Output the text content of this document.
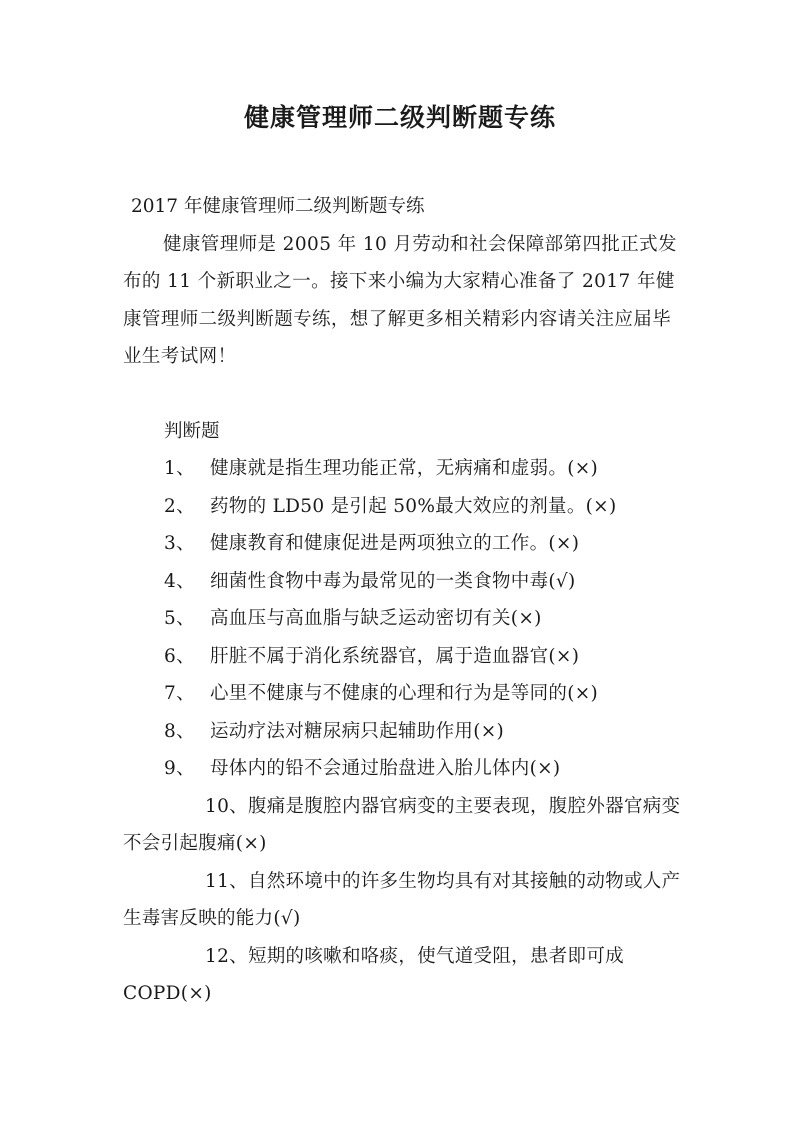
健康管理师二级判断题专练

2017 年健康管理师二级判断题专练

健康管理师是 2005 年 10 月劳动和社会保障部第四批正式发布的 11 个新职业之一。接下来小编为大家精心准备了 2017 年健康管理师二级判断题专练，想了解更多相关精彩内容请关注应届毕业生考试网！

判断题

1、 健康就是指生理功能正常，无病痛和虚弱。(×)

2、 药物的 LD50 是引起 50%最大效应的剂量。(×)

3、 健康教育和健康促进是两项独立的工作。(×)

4、 细菌性食物中毒为最常见的一类食物中毒(√)

5、 高血压与高血脂与缺乏运动密切有关(×)

6、 肝脏不属于消化系统器官，属于造血器官(×)

7、 心里不健康与不健康的心理和行为是等同的(×)

8、 运动疗法对糖尿病只起辅助作用(×)

9、 母体内的铅不会通过胎盘进入胎儿体内(×)

10、腹痛是腹腔内器官病变的主要表现，腹腔外器官病变不会引起腹痛(×)

11、自然环境中的许多生物均具有对其接触的动物或人产生毒害反映的能力(√)

12、短期的咳嗽和咯痰，使气道受阻，患者即可成 COPD(×)
